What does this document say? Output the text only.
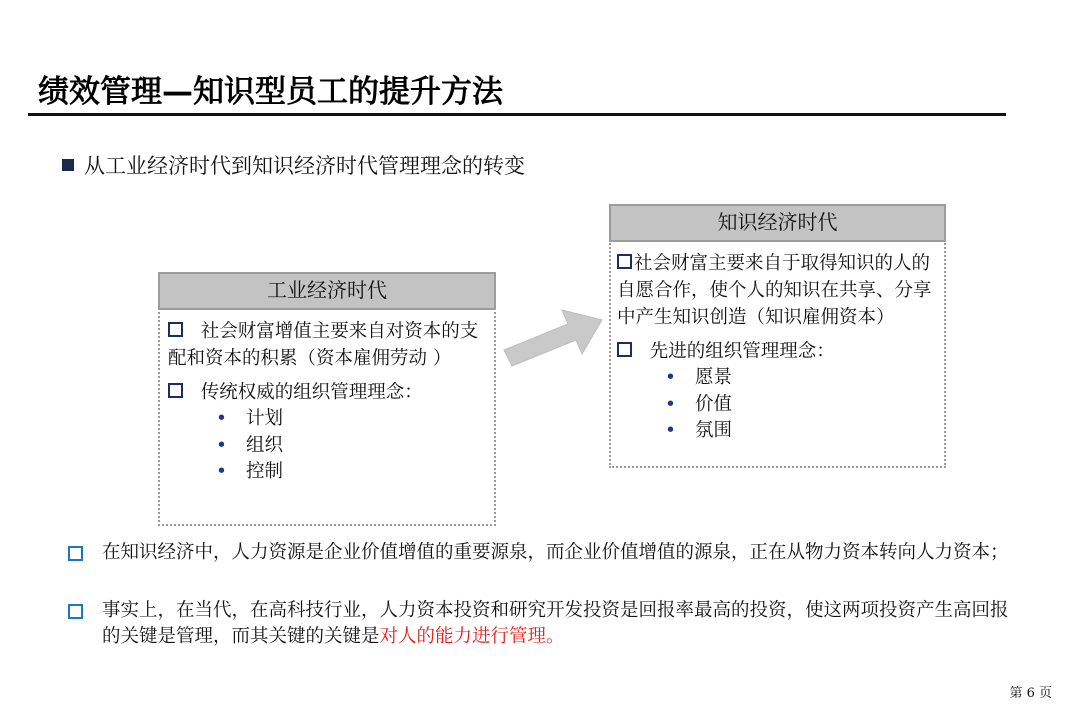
绩效管理—知识型员工的提升方法
从工业经济时代到知识经济时代管理理念的转变
工业经济时代
社会财富增值主要来自对资本的支配和资本的积累（资本雇佣劳动 ）
传统权威的组织管理理念：
• 计划
• 组织
• 控制
知识经济时代
社会财富主要来自于取得知识的人的自愿合作，使个人的知识在共享、分享中产生知识创造（知识雇佣资本）
先进的组织管理理念：
• 愿景
• 价值
• 氛围
在知识经济中，人力资源是企业价值增值的重要源泉，而企业价值增值的源泉，正在从物力资本转向人力资本；
事实上，在当代，在高科技行业，人力资本投资和研究开发投资是回报率最高的投资，使这两项投资产生高回报的关键是管理，而其关键的关键是对人的能力进行管理。
第 6 页
